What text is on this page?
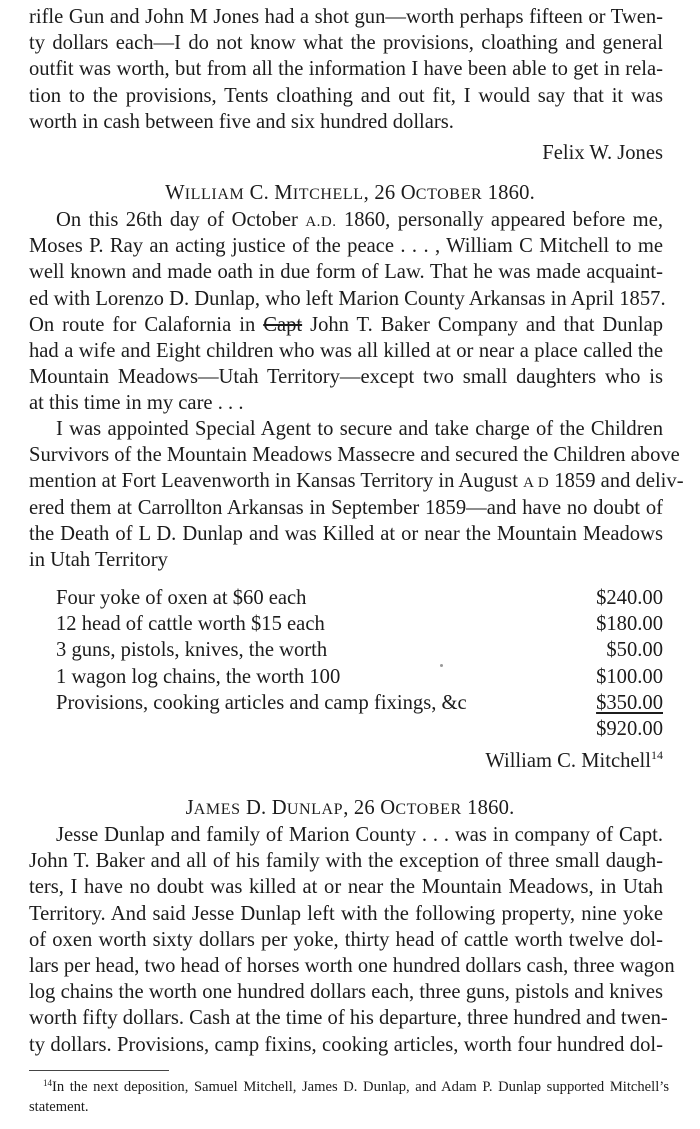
rifle Gun and John M Jones had a shot gun—worth perhaps fifteen or Twen-
ty dollars each—I do not know what the provisions, cloathing and general
outfit was worth, but from all the information I have been able to get in rela-
tion to the provisions, Tents cloathing and out fit, I would say that it was
worth in cash between five and six hundred dollars.
Felix W. Jones
WILLIAM C. MITCHELL, 26 OCTOBER 1860.
On this 26th day of October A.D. 1860, personally appeared before me,
Moses P. Ray an acting justice of the peace . . . , William C Mitchell to me
well known and made oath in due form of Law. That he was made acquaint-
ed with Lorenzo D. Dunlap, who left Marion County Arkansas in April 1857.
On route for Calafornia in Capt John T. Baker Company and that Dunlap
had a wife and Eight children who was all killed at or near a place called the
Mountain Meadows—Utah Territory—except two small daughters who is
at this time in my care . . .
I was appointed Special Agent to secure and take charge of the Children
Survivors of the Mountain Meadows Massecre and secured the Children above
mention at Fort Leavenworth in Kansas Territory in August A D 1859 and deliv-
ered them at Carrollton Arkansas in September 1859—and have no doubt of
the Death of L D. Dunlap and was Killed at or near the Mountain Meadows
in Utah Territory
Four yoke of oxen at $60 each	$240.00
12 head of cattle worth $15 each	$180.00
3 guns, pistols, knives, the worth	$50.00
1 wagon log chains, the worth 100	$100.00
Provisions, cooking articles and camp fixings, &c	$350.00
$920.00
William C. Mitchell$^{14}$
JAMES D. DUNLAP, 26 OCTOBER 1860.
Jesse Dunlap and family of Marion County . . . was in company of Capt.
John T. Baker and all of his family with the exception of three small daugh-
ters, I have no doubt was killed at or near the Mountain Meadows, in Utah
Territory. And said Jesse Dunlap left with the following property, nine yoke
of oxen worth sixty dollars per yoke, thirty head of cattle worth twelve dol-
lars per head, two head of horses worth one hundred dollars cash, three wagon
log chains the worth one hundred dollars each, three guns, pistols and knives
worth fifty dollars. Cash at the time of his departure, three hundred and twen-
ty dollars. Provisions, camp fixins, cooking articles, worth four hundred dol-
$^{14}$In the next deposition, Samuel Mitchell, James D. Dunlap, and Adam P. Dunlap supported Mitchell’s
statement.
